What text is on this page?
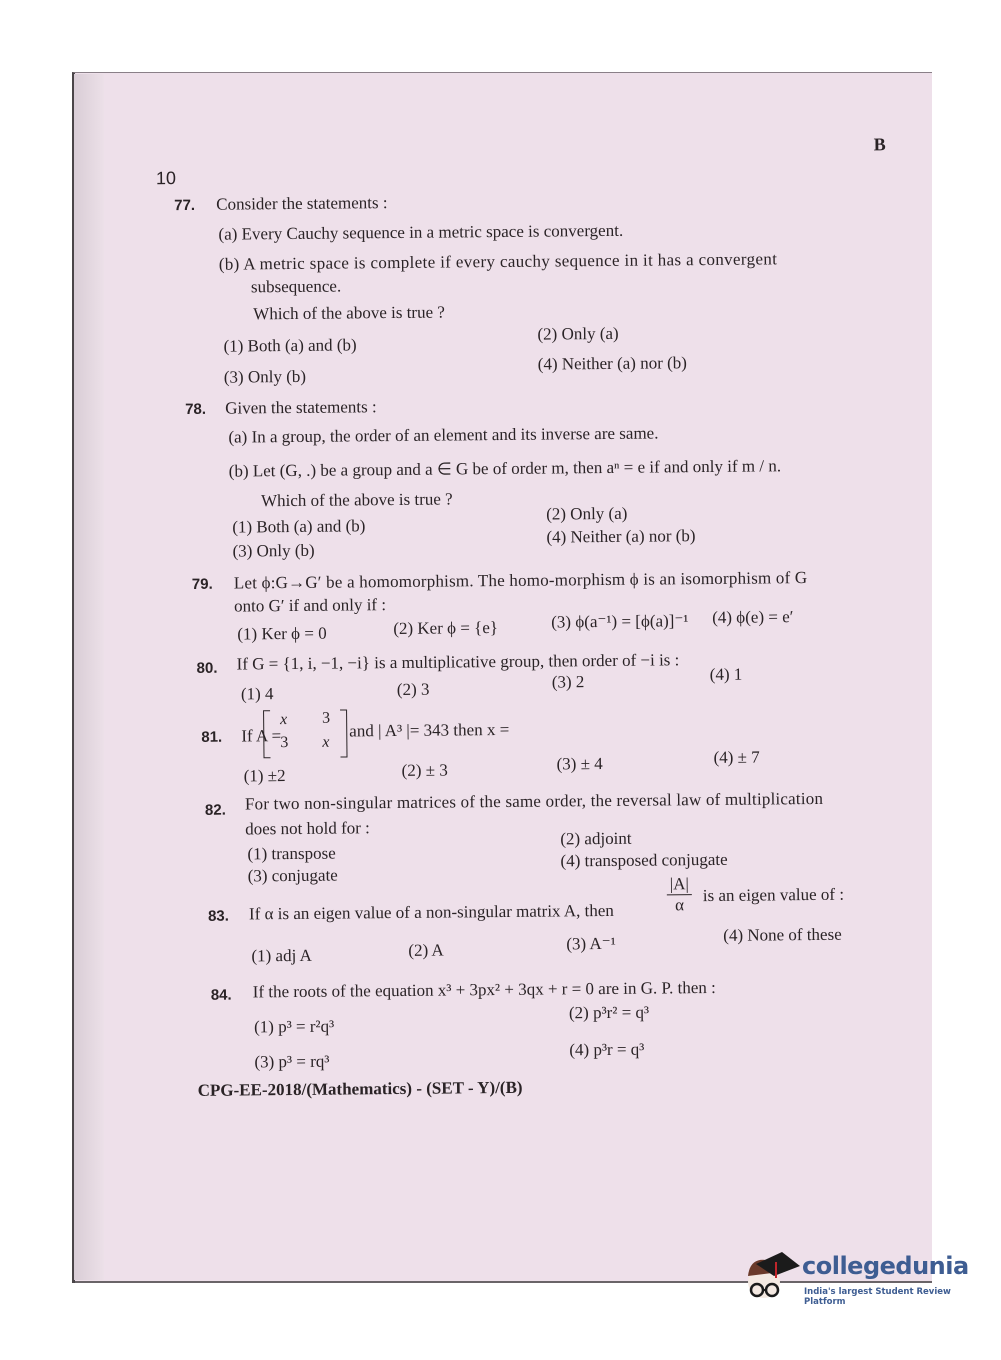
10
B
77. Consider the statements :
(a) Every Cauchy sequence in a metric space is convergent.
(b) A metric space is complete if every cauchy sequence in it has a convergent
subsequence.
Which of the above is true ?
(1) Both (a) and (b)
(2) Only (a)
(3) Only (b)
(4) Neither (a) nor (b)
78. Given the statements :
(a) In a group, the order of an element and its inverse are same.
(b) Let (G, .) be a group and a ∈ G be of order m, then aⁿ = e if and only if m / n.
Which of the above is true ?
(1) Both (a) and (b)
(2) Only (a)
(3) Only (b)
(4) Neither (a) nor (b)
79. Let ϕ:G→G′ be a homomorphism. The homo-morphism ϕ is an isomorphism of G
onto G′ if and only if :
(1) Ker ϕ = 0	(2) Ker ϕ = {e}	(3) ϕ(a⁻¹) = [ϕ(a)]⁻¹ (4) ϕ(e) = e′
80. If G = {1, i, −1, −i} is a multiplicative group, then order of −i is :
(1) 4	(2) 3	(3) 2	(4) 1
81. If A =
x 3
3 x
and | A³ |= 343 then x =
(1) ±2	(2) ± 3	(3) ± 4	(4) ± 7
82. For two non-singular matrices of the same order, the reversal law of multiplication
does not hold for :
(1) transpose
(2) adjoint
(3) conjugate
(4) transposed conjugate
83. If α is an eigen value of a non-singular matrix A, then	$\frac{|A|}{\alpha}$ is an eigen value of :
(1) adj A	(2) A	(3) A⁻¹	(4) None of these
84. If the roots of the equation x³ + 3px² + 3qx + r = 0 are in G. P. then :
(1) p³ = r²q³
(2) p³r² = q³
(3) p³ = rq³
(4) p³r = q³
CPG-EE-2018/(Mathematics) - (SET - Y)/(B)
collegedunia
India's largest Student Review Platform
